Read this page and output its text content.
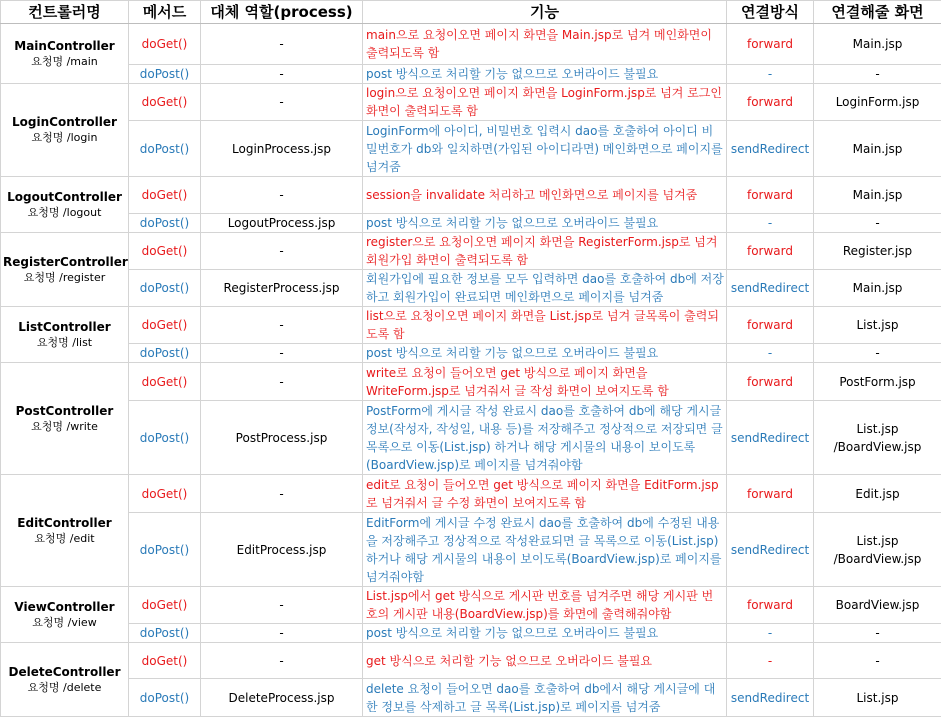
컨트롤러명	메서드	대체 역할(process)	기능	연결방식	연결해줄 화면

MainController
요청명 /main	doGet()	-	main으로 요청이오면 페이지 화면을 Main.jsp로 넘겨 메인화면이 출력되도록 함	forward	Main.jsp
	doPost()	-	post 방식으로 처리할 기능 없으므로 오버라이드 불필요	-	-

LoginController
요청명 /login	doGet()	-	login으로 요청이오면 페이지 화면을 LoginForm.jsp로 넘겨 로그인화면이 출력되도록 함	forward	LoginForm.jsp
	doPost()	LoginProcess.jsp	LoginForm에 아이디, 비밀번호 입력시 dao를 호출하여 아이디 비밀번호가 db와 일치하면(가입된 아이디라면) 메인화면으로 페이지를 넘겨줌	sendRedirect	Main.jsp

LogoutController
요청명 /logout	doGet()	-	session을 invalidate 처리하고 메인화면으로 페이지를 넘겨줌	forward	Main.jsp
	doPost()	LogoutProcess.jsp	post 방식으로 처리할 기능 없으므로 오버라이드 불필요	-	-

RegisterController
요청명 /register	doGet()	-	register으로 요청이오면 페이지 화면을 RegisterForm.jsp로 넘겨 회원가입 화면이 출력되도록 함	forward	Register.jsp
	doPost()	RegisterProcess.jsp	회원가입에 필요한 정보를 모두 입력하면 dao를 호출하여 db에 저장하고 회원가입이 완료되면 메인화면으로 페이지를 넘겨줌	sendRedirect	Main.jsp

ListController
요청명 /list	doGet()	-	list으로 요청이오면 페이지 화면을 List.jsp로 넘겨 글목록이 출력되도록 함	forward	List.jsp
	doPost()	-	post 방식으로 처리할 기능 없으므로 오버라이드 불필요	-	-

PostController
요청명 /write	doGet()	-	write로 요청이 들어오면 get 방식으로 페이지 화면을 WriteForm.jsp로 넘겨줘서 글 작성 화면이 보여지도록 함	forward	PostForm.jsp
	doPost()	PostProcess.jsp	PostForm에 게시글 작성 완료시 dao를 호출하여 db에 해당 게시글 정보(작성자, 작성일, 내용 등)를 저장해주고 정상적으로 저장되면 글 목록으로 이동(List.jsp) 하거나 해당 게시물의 내용이 보이도록(BoardView.jsp)로 페이지를 넘겨줘야함	sendRedirect	List.jsp
/BoardView.jsp

EditController
요청명 /edit	doGet()	-	edit로 요청이 들어오면 get 방식으로 페이지 화면을 EditForm.jsp로 넘겨줘서 글 수정 화면이 보여지도록 함	forward	Edit.jsp
	doPost()	EditProcess.jsp	EditForm에 게시글 수정 완료시 dao를 호출하여 db에 수정된 내용을 저장해주고 정상적으로 작성완료되면 글 목록으로 이동(List.jsp) 하거나 해당 게시물의 내용이 보이도록(BoardView.jsp)로 페이지를 넘겨줘야함	sendRedirect	List.jsp
/BoardView.jsp

ViewController
요청명 /view	doGet()	-	List.jsp에서 get 방식으로 게시판 번호를 넘겨주면 해당 게시판 번호의 게시판 내용(BoardView.jsp)를 화면에 출력해줘야함	forward	BoardView.jsp
	doPost()	-	post 방식으로 처리할 기능 없으므로 오버라이드 불필요	-	-

DeleteController
요청명 /delete	doGet()	-	get 방식으로 처리할 기능 없으므로 오버라이드 불필요	-	-
	doPost()	DeleteProcess.jsp	delete 요청이 들어오면 dao를 호출하여 db에서 해당 게시글에 대한 정보를 삭제하고 글 목록(List.jsp)로 페이지를 넘겨줌	sendRedirect	List.jsp
